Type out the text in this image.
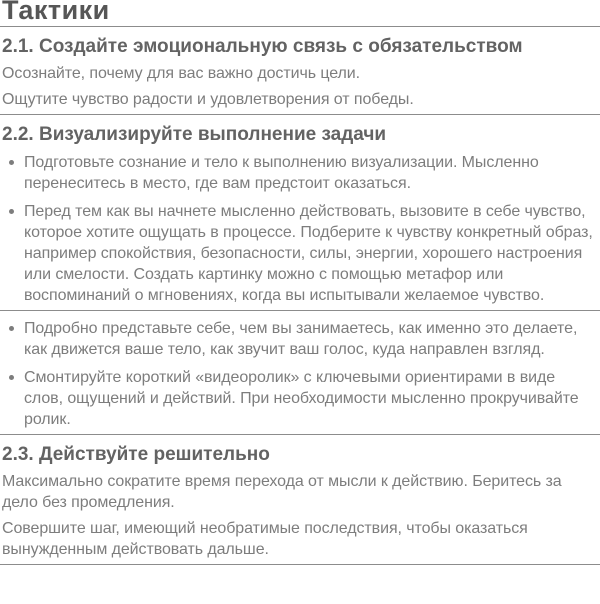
Тактики
2.1. Создайте эмоциональную связь с обязательством

Осознайте, почему для вас важно достичь цели.

Ощутите чувство радости и удовлетворения от победы.

2.2. Визуализируйте выполнение задачи
Подготовьте сознание и тело к выполнению визуализации. Мысленно перенеситесь в место, где вам предстоит оказаться.
Перед тем как вы начнете мысленно действовать, вызовите в себе чувство, которое хотите ощущать в процессе. Подберите к чувству конкретный образ, например спокойствия, безопасности, силы, энергии, хорошего настроения или смелости. Создать картинку можно с помощью метафор или воспоминаний о мгновениях, когда вы испытывали желаемое чувство.
Подробно представьте себе, чем вы занимаетесь, как именно это делаете, как движется ваше тело, как звучит ваш голос, куда направлен взгляд.
Смонтируйте короткий «видеоролик» с ключевыми ориентирами в виде слов, ощущений и действий. При необходимости мысленно прокручивайте ролик.
2.3. Действуйте решительно

Максимально сократите время перехода от мысли к действию. Беритесь за дело без промедления.

Совершите шаг, имеющий необратимые последствия, чтобы оказаться вынужденным действовать дальше.
